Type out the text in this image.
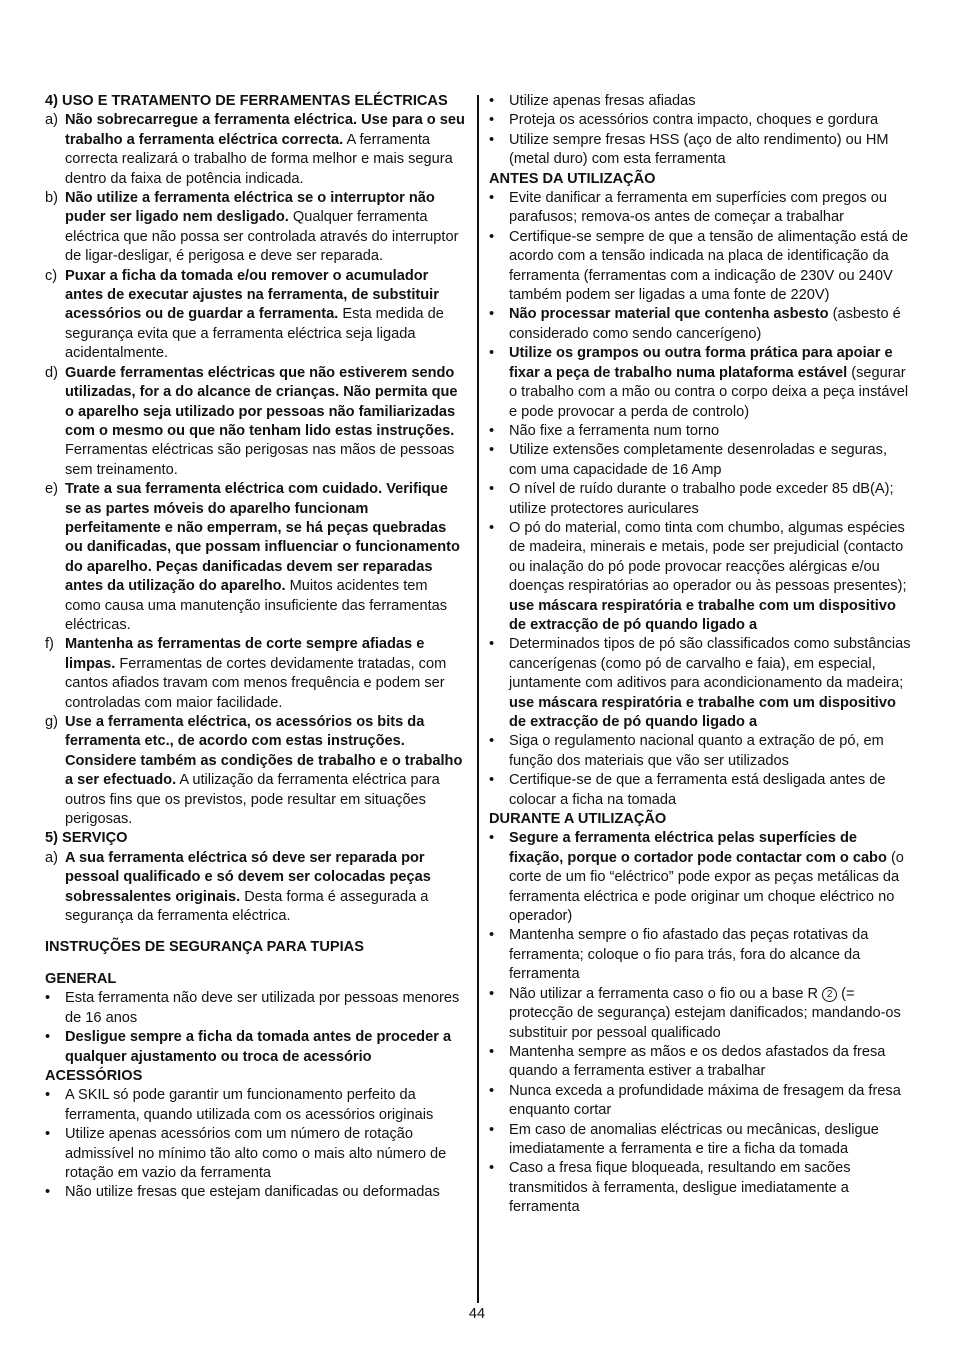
4) USO E TRATAMENTO DE FERRAMENTAS ELÉCTRICAS
a) Não sobrecarregue a ferramenta eléctrica. Use para o seu trabalho a ferramenta eléctrica correcta. A ferramenta correcta realizará o trabalho de forma melhor e mais segura dentro da faixa de potência indicada.
b) Não utilize a ferramenta eléctrica se o interruptor não puder ser ligado nem desligado. Qualquer ferramenta eléctrica que não possa ser controlada através do interruptor de ligar-desligar, é perigosa e deve ser reparada.
c) Puxar a ficha da tomada e/ou remover o acumulador antes de executar ajustes na ferramenta, de substituir acessórios ou de guardar a ferramenta. Esta medida de segurança evita que a ferramenta eléctrica seja ligada acidentalmente.
d) Guarde ferramentas eléctricas que não estiverem sendo utilizadas, for a do alcance de crianças. Não permita que o aparelho seja utilizado por pessoas não familiarizadas com o mesmo ou que não tenham lido estas instruções. Ferramentas eléctricas são perigosas nas mãos de pessoas sem treinamento.
e) Trate a sua ferramenta eléctrica com cuidado. Verifique se as partes móveis do aparelho funcionam perfeitamente e não emperram, se há peças quebradas ou danificadas, que possam influenciar o funcionamento do aparelho. Peças danificadas devem ser reparadas antes da utilização do aparelho. Muitos acidentes tem como causa uma manutenção insuficiente das ferramentas eléctricas.
f) Mantenha as ferramentas de corte sempre afiadas e limpas. Ferramentas de cortes devidamente tratadas, com cantos afiados travam com menos frequência e podem ser controladas com maior facilidade.
g) Use a ferramenta eléctrica, os acessórios os bits da ferramenta etc., de acordo com estas instruções. Considere também as condições de trabalho e o trabalho a ser efectuado. A utilização da ferramenta eléctrica para outros fins que os previstos, pode resultar em situações perigosas.
5) SERVIÇO
a) A sua ferramenta eléctrica só deve ser reparada por pessoal qualificado e só devem ser colocadas peças sobressalentes originais. Desta forma é assegurada a segurança da ferramenta eléctrica.
INSTRUÇÕES DE SEGURANÇA PARA TUPIAS
GENERAL
• Esta ferramenta não deve ser utilizada por pessoas menores de 16 anos
• Desligue sempre a ficha da tomada antes de proceder a qualquer ajustamento ou troca de acessório
ACESSÓRIOS
• A SKIL só pode garantir um funcionamento perfeito da ferramenta, quando utilizada com os acessórios originais
• Utilize apenas acessórios com um número de rotação admissível no mínimo tão alto como o mais alto número de rotação em vazio da ferramenta
• Não utilize fresas que estejam danificadas ou deformadas
• Utilize apenas fresas afiadas
• Proteja os acessórios contra impacto, choques e gordura
• Utilize sempre fresas HSS (aço de alto rendimento) ou HM (metal duro) com esta ferramenta
ANTES DA UTILIZAÇÃO
• Evite danificar a ferramenta em superfícies com pregos ou parafusos; remova-os antes de começar a trabalhar
• Certifique-se sempre de que a tensão de alimentação está de acordo com a tensão indicada na placa de identificação da ferramenta (ferramentas com a indicação de 230V ou 240V também podem ser ligadas a uma fonte de 220V)
• Não processar material que contenha asbesto (asbesto é considerado como sendo cancerígeno)
• Utilize os grampos ou outra forma prática para apoiar e fixar a peça de trabalho numa plataforma estável (segurar o trabalho com a mão ou contra o corpo deixa a peça instável e pode provocar a perda de controlo)
• Não fixe a ferramenta num torno
• Utilize extensões completamente desenroladas e seguras, com uma capacidade de 16 Amp
• O nível de ruído durante o trabalho pode exceder 85 dB(A); utilize protectores auriculares
• O pó do material, como tinta com chumbo, algumas espécies de madeira, minerais e metais, pode ser prejudicial (contacto ou inalação do pó pode provocar reacções alérgicas e/ou doenças respiratórias ao operador ou às pessoas presentes); use máscara respiratória e trabalhe com um dispositivo de extracção de pó quando ligado a
• Determinados tipos de pó são classificados como substâncias cancerígenas (como pó de carvalho e faia), em especial, juntamente com aditivos para acondicionamento da madeira; use máscara respiratória e trabalhe com um dispositivo de extracção de pó quando ligado a
• Siga o regulamento nacional quanto a extração de pó, em função dos materiais que vão ser utilizados
• Certifique-se de que a ferramenta está desligada antes de colocar a ficha na tomada
DURANTE A UTILIZAÇÃO
• Segure a ferramenta eléctrica pelas superfícies de fixação, porque o cortador pode contactar com o cabo (o corte de um fio “eléctrico” pode expor as peças metálicas da ferramenta eléctrica e pode originar um choque eléctrico no operador)
• Mantenha sempre o fio afastado das peças rotativas da ferramenta; coloque o fio para trás, fora do alcance da ferramenta
• Não utilizar a ferramenta caso o fio ou a base R 2 (= protecção de segurança) estejam danificados; mandando-os substituir por pessoal qualificado
• Mantenha sempre as mãos e os dedos afastados da fresa quando a ferramenta estiver a trabalhar
• Nunca exceda a profundidade máxima de fresagem da fresa enquanto cortar
• Em caso de anomalias eléctricas ou mecânicas, desligue imediatamente a ferramenta e tire a ficha da tomada
• Caso a fresa fique bloqueada, resultando em sacões transmitidos à ferramenta, desligue imediatamente a ferramenta
44
